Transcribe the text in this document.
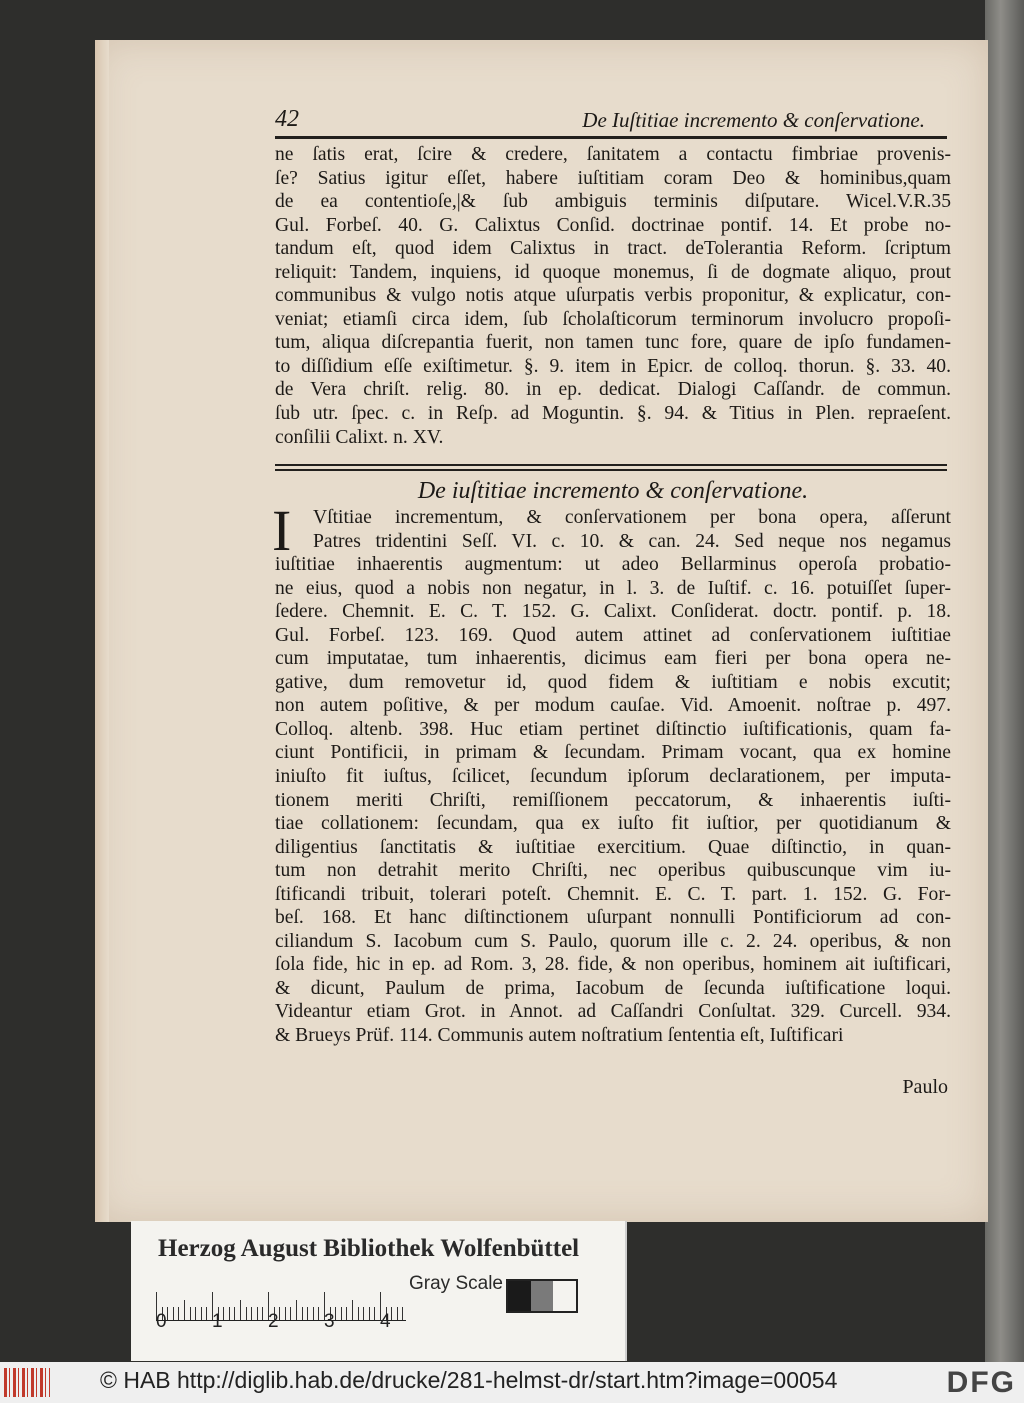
42	De Iuſtitiae incremento & conſervatione.
ne ſatis erat, ſcire & credere, ſanitatem a contactu fimbriae provenis-
ſe? Satius igitur eſſet, habere iuſtitiam coram Deo & hominibus,quam
de ea contentioſe,|& ſub ambiguis terminis diſputare. Wicel.V.R.35
Gul. Forbeſ. 40. G. Calixtus Conſid. doctrinae pontif. 14. Et probe no-
tandum eſt, quod idem Calixtus in tract. deTolerantia Reform. ſcriptum
reliquit: Tandem, inquiens, id quoque monemus, ſi de dogmate aliquo, prout
communibus & vulgo notis atque uſurpatis verbis proponitur, & explicatur, con-
veniat; etiamſi circa idem, ſub ſcholaſticorum terminorum involucro propoſi-
tum, aliqua diſcrepantia fuerit, non tamen tunc fore, quare de ipſo fundamen-
to diſſidium eſſe exiſtimetur. §. 9. item in Epicr. de colloq. thorun. §. 33. 40.
de Vera chriſt. relig. 80. in ep. dedicat. Dialogi Caſſandr. de commun.
ſub utr. ſpec. c. in Reſp. ad Moguntin. §. 94. & Titius in Plen. repraeſent.
conſilii Calixt. n. XV.
De iuſtitiae incremento & conſervatione.
I	Vſtitiae incrementum, & conſervationem per bona opera, aſſerunt
Patres tridentini Seſſ. VI. c. 10. & can. 24. Sed neque nos negamus
iuſtitiae inhaerentis augmentum: ut adeo Bellarminus operoſa probatio-
ne eius, quod a nobis non negatur, in l. 3. de Iuſtif. c. 16. potuiſſet ſuper-
ſedere. Chemnit. E. C. T. 152. G. Calixt. Conſiderat. doctr. pontif. p. 18.
Gul. Forbeſ. 123. 169. Quod autem attinet ad conſervationem iuſtitiae
cum imputatae, tum inhaerentis, dicimus eam fieri per bona opera ne-
gative, dum removetur id, quod fidem & iuſtitiam e nobis excutit;
non autem poſitive, & per modum cauſae. Vid. Amoenit. noſtrae p. 497.
Colloq. altenb. 398. Huc etiam pertinet diſtinctio iuſtificationis, quam fa-
ciunt Pontificii, in primam & ſecundam. Primam vocant, qua ex homine
iniuſto fit iuſtus, ſcilicet, ſecundum ipſorum declarationem, per imputa-
tionem meriti Chriſti, remiſſionem peccatorum, & inhaerentis iuſti-
tiae collationem: ſecundam, qua ex iuſto fit iuſtior, per quotidianum &
diligentius ſanctitatis & iuſtitiae exercitium. Quae diſtinctio, in quan-
tum non detrahit merito Chriſti, nec operibus quibuscunque vim iu-
ſtificandi tribuit, tolerari poteſt. Chemnit. E. C. T. part. 1. 152. G. For-
beſ. 168. Et hanc diſtinctionem uſurpant nonnulli Pontificiorum ad con-
ciliandum S. Iacobum cum S. Paulo, quorum ille c. 2. 24. operibus, & non
ſola fide, hic in ep. ad Rom. 3, 28. fide, & non operibus, hominem ait iuſtificari,
& dicunt, Paulum de prima, Iacobum de ſecunda iuſtificatione loqui.
Videantur etiam Grot. in Annot. ad Caſſandri Conſultat. 329. Curcell. 934.
& Brueys Prüf. 114. Communis autem noſtratium ſententia eſt, Iuſtificari
Paulo
Herzog August Bibliothek Wolfenbüttel
0 1 2 3 4
Gray Scale
© HAB http://diglib.hab.de/drucke/281-helmst-dr/start.htm?image=00054	DFG
